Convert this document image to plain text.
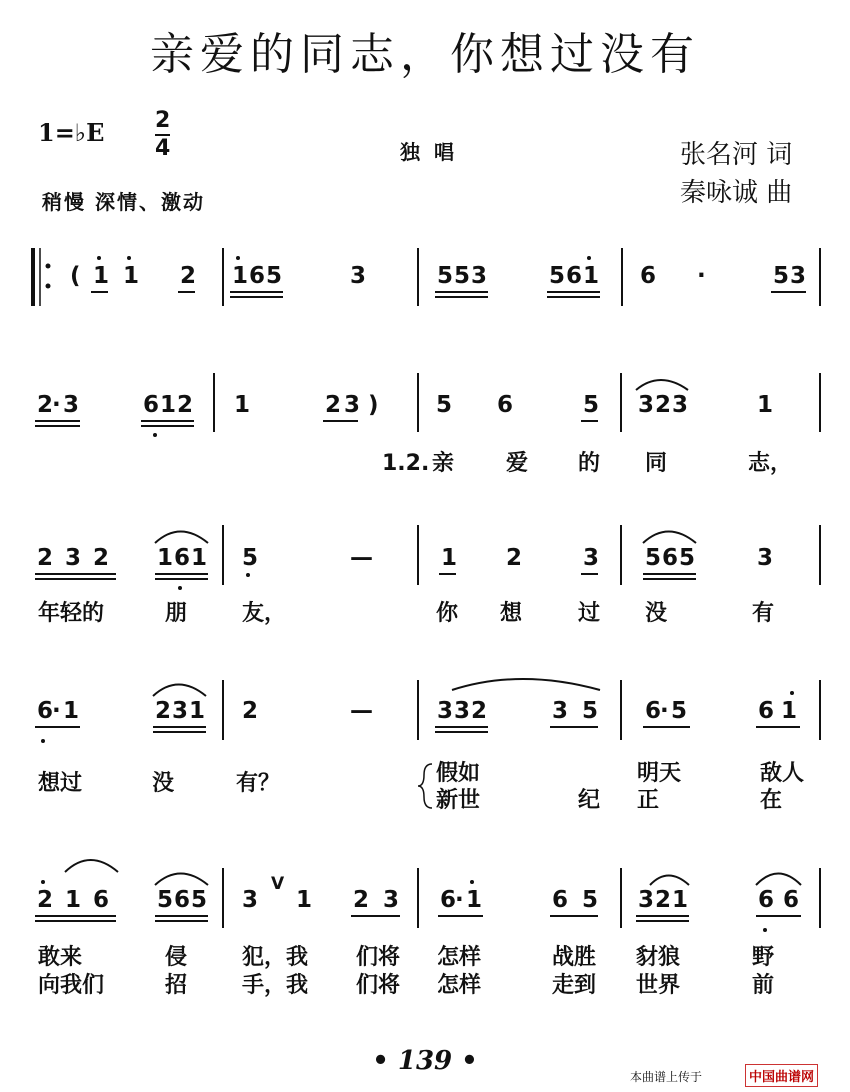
亲爱的同志，你想过没有
1=♭E 2
4	独唱	张名河 词
秦咏诚 曲
稍慢 深情、激动
( 1 1 2 1 6 5	3	5 5 3	5 6 1 6 ·	5 3
2
· 3	6 1 2 1	2 3 ) 5 6	5 3 2 3	1
1.2. 亲 爱 的 同	志，
2 3 2 1 6 1 5	—	1 2	3 5 6 5	3
年轻的	朋 友，	你 想	过 没	有
6
· 1	2 3 1 2	—	3 3 2	3 5 6
· 5	6 1
想过	没	有？	假如	明天	敌人
新世	纪 正	在
2 1 6 5 6 5 3
V
1 2 3 6
· 1	6 5 3 2 1	6 6
敢来	侵 犯，我 们将 怎样	战胜 豺狼	野
向我们	招 手，我 们将 怎样	走到 世界	前
• 139 •
本曲谱上传于	中国曲谱网
